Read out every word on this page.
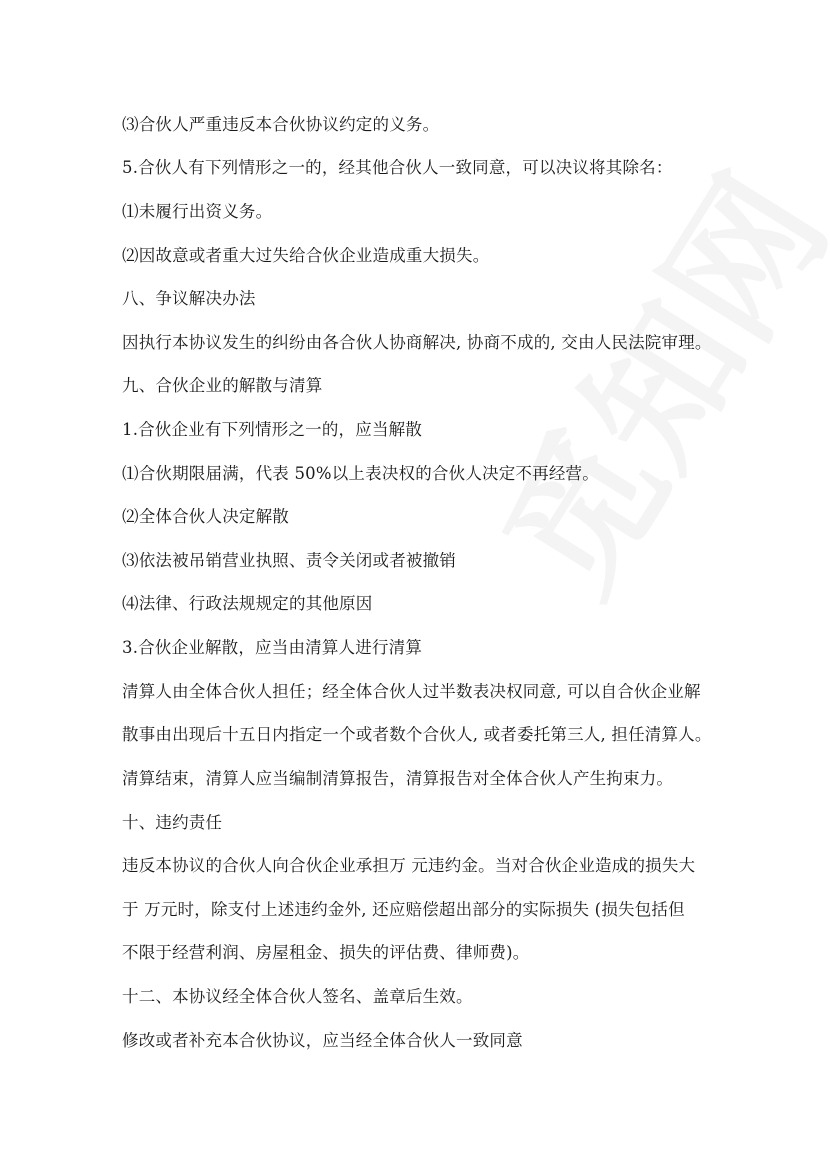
⑶合伙人严重违反本合伙协议约定的义务。
5.合伙人有下列情形之一的，经其他合伙人一致同意，可以决议将其除名：
⑴未履行出资义务。
⑵因故意或者重大过失给合伙企业造成重大损失。
八、争议解决办法
因执行本协议发生的纠纷由各合伙人协商解决, 协商不成的, 交由人民法院审理。
九、合伙企业的解散与清算
1.合伙企业有下列情形之一的，应当解散
⑴合伙期限届满，代表 50%以上表决权的合伙人决定不再经营。
⑵全体合伙人决定解散
⑶依法被吊销营业执照、责令关闭或者被撤销
⑷法律、行政法规规定的其他原因
3.合伙企业解散，应当由清算人进行清算
清算人由全体合伙人担任；经全体合伙人过半数表决权同意, 可以自合伙企业解
散事由出现后十五日内指定一个或者数个合伙人, 或者委托第三人, 担任清算人。
清算结束，清算人应当编制清算报告，清算报告对全体合伙人产生拘束力。
十、违约责任
违反本协议的合伙人向合伙企业承担万 元违约金。当对合伙企业造成的损失大
于 万元时，除支付上述违约金外, 还应赔偿超出部分的实际损失 (损失包括但
不限于经营利润、房屋租金、损失的评估费、律师费)。
十二、本协议经全体合伙人签名、盖章后生效。
修改或者补充本合伙协议，应当经全体合伙人一致同意
